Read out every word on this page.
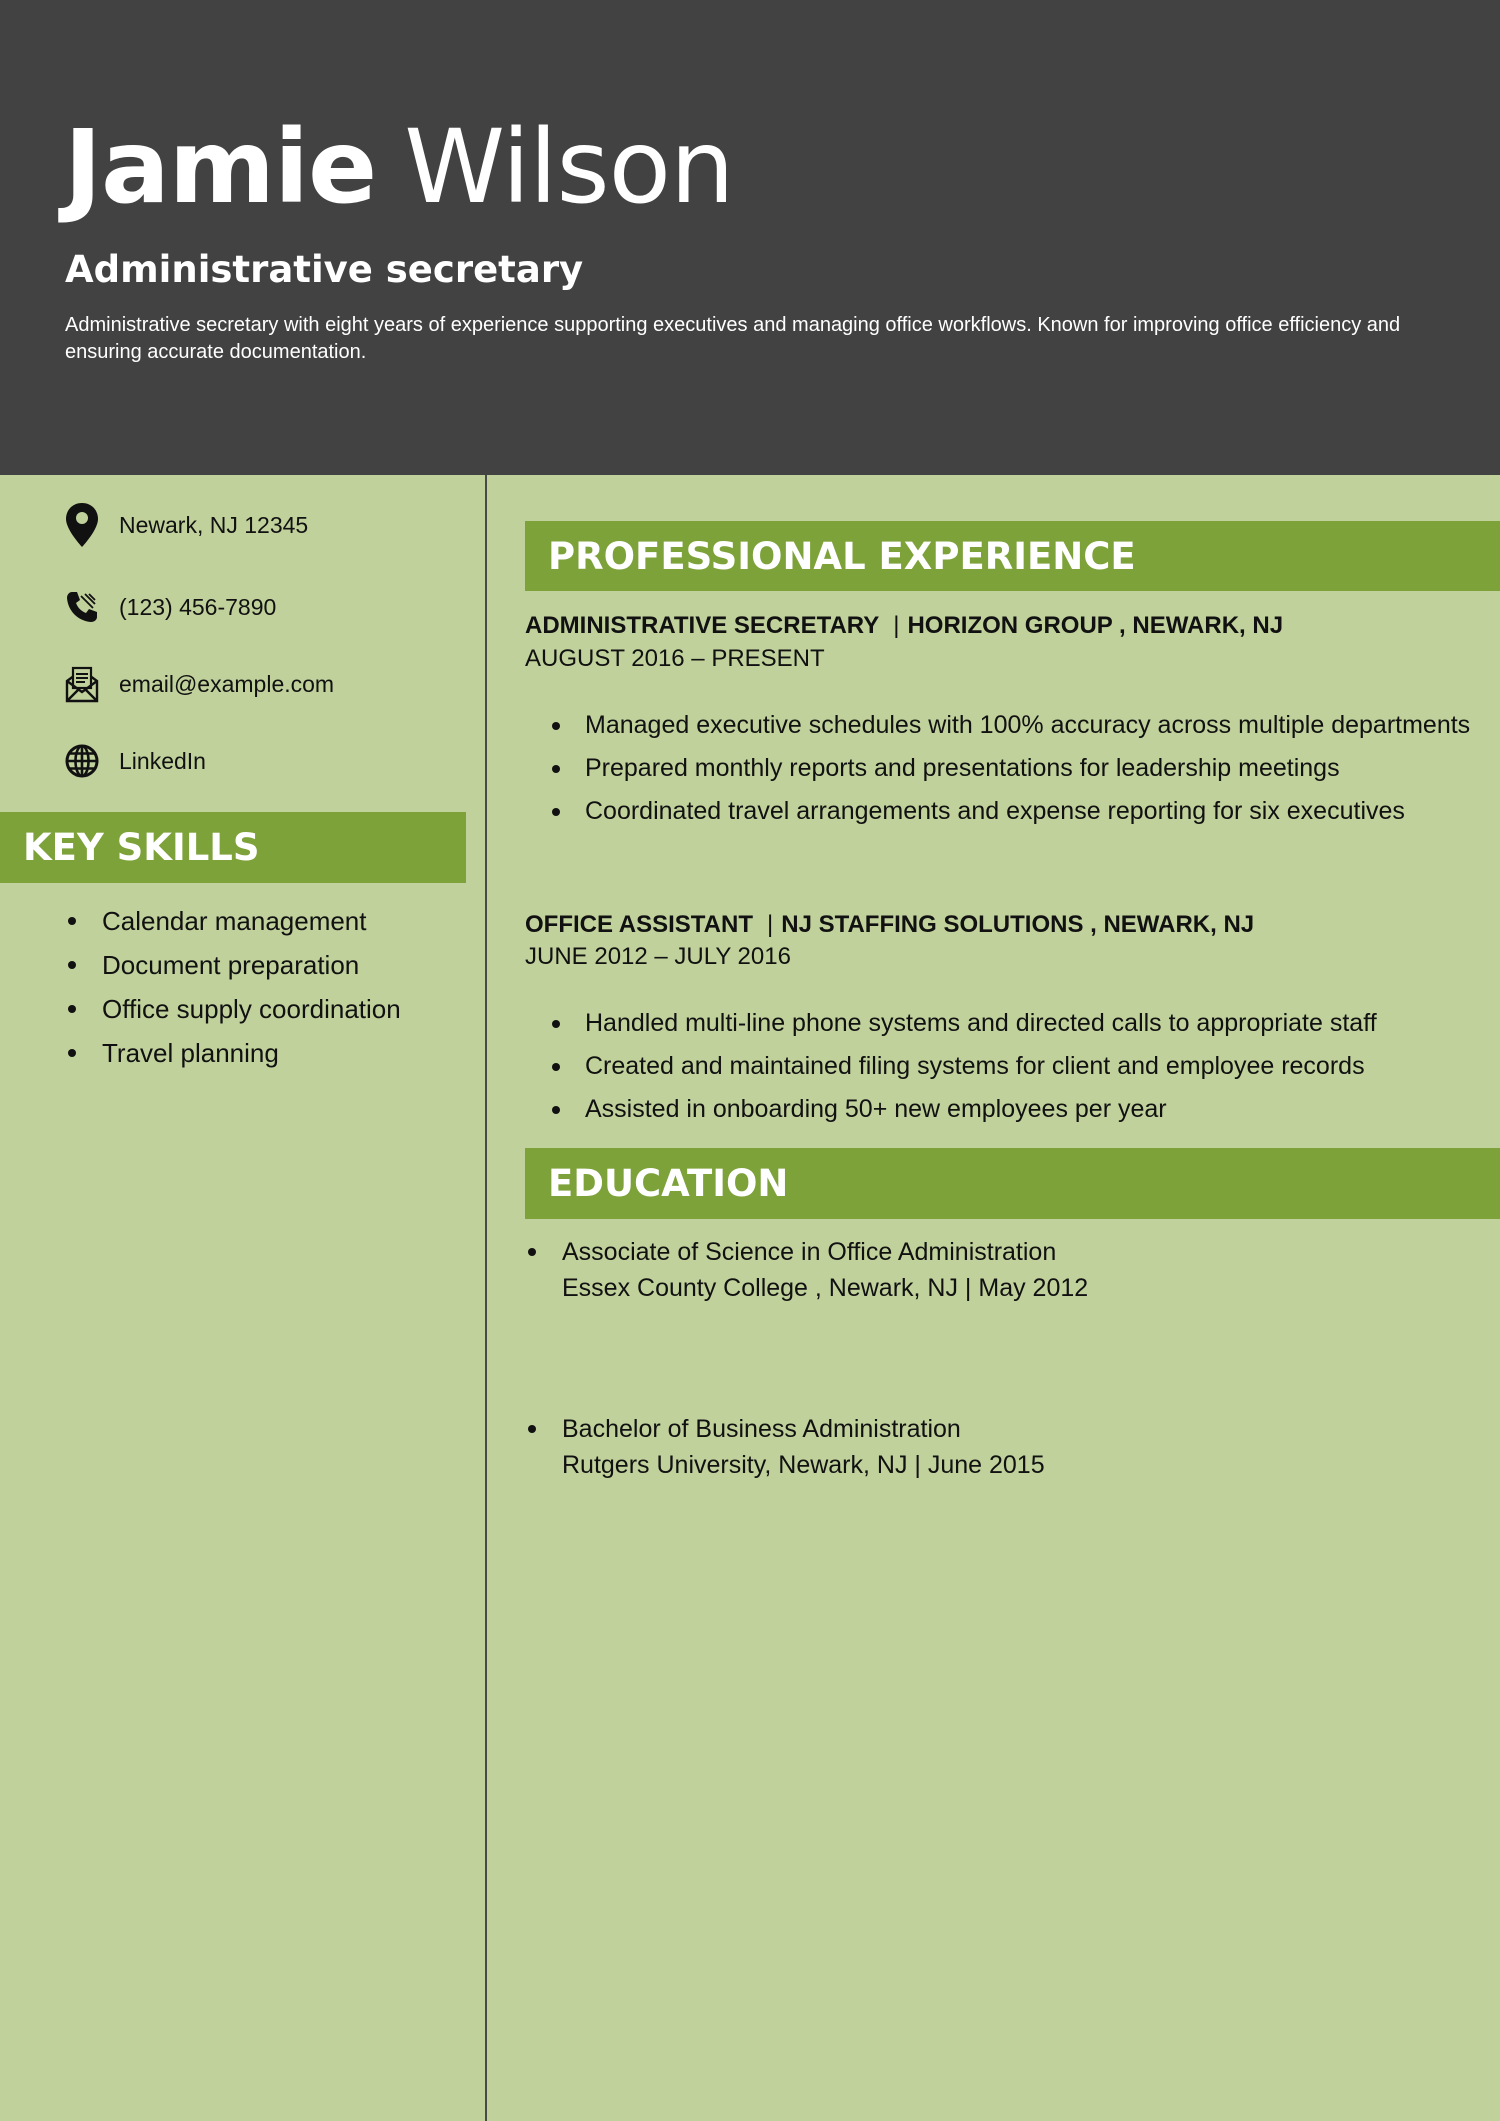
Jamie Wilson
Administrative secretary
Administrative secretary with eight years of experience supporting executives and managing office workflows. Known for improving office efficiency and ensuring accurate documentation.
Newark, NJ 12345
(123) 456-7890
email@example.com
LinkedIn
KEY SKILLS
Calendar management
Document preparation
Office supply coordination
Travel planning
PROFESSIONAL EXPERIENCE
ADMINISTRATIVE SECRETARY | HORIZON GROUP , NEWARK, NJ
AUGUST 2016 – PRESENT
Managed executive schedules with 100% accuracy across multiple departments
Prepared monthly reports and presentations for leadership meetings
Coordinated travel arrangements and expense reporting for six executives
OFFICE ASSISTANT | NJ STAFFING SOLUTIONS , NEWARK, NJ
JUNE 2012 – JULY 2016
Handled multi-line phone systems and directed calls to appropriate staff
Created and maintained filing systems for client and employee records
Assisted in onboarding 50+ new employees per year
EDUCATION
Associate of Science in Office Administration
Essex County College , Newark, NJ | May 2012
Bachelor of Business Administration
Rutgers University, Newark, NJ | June 2015
